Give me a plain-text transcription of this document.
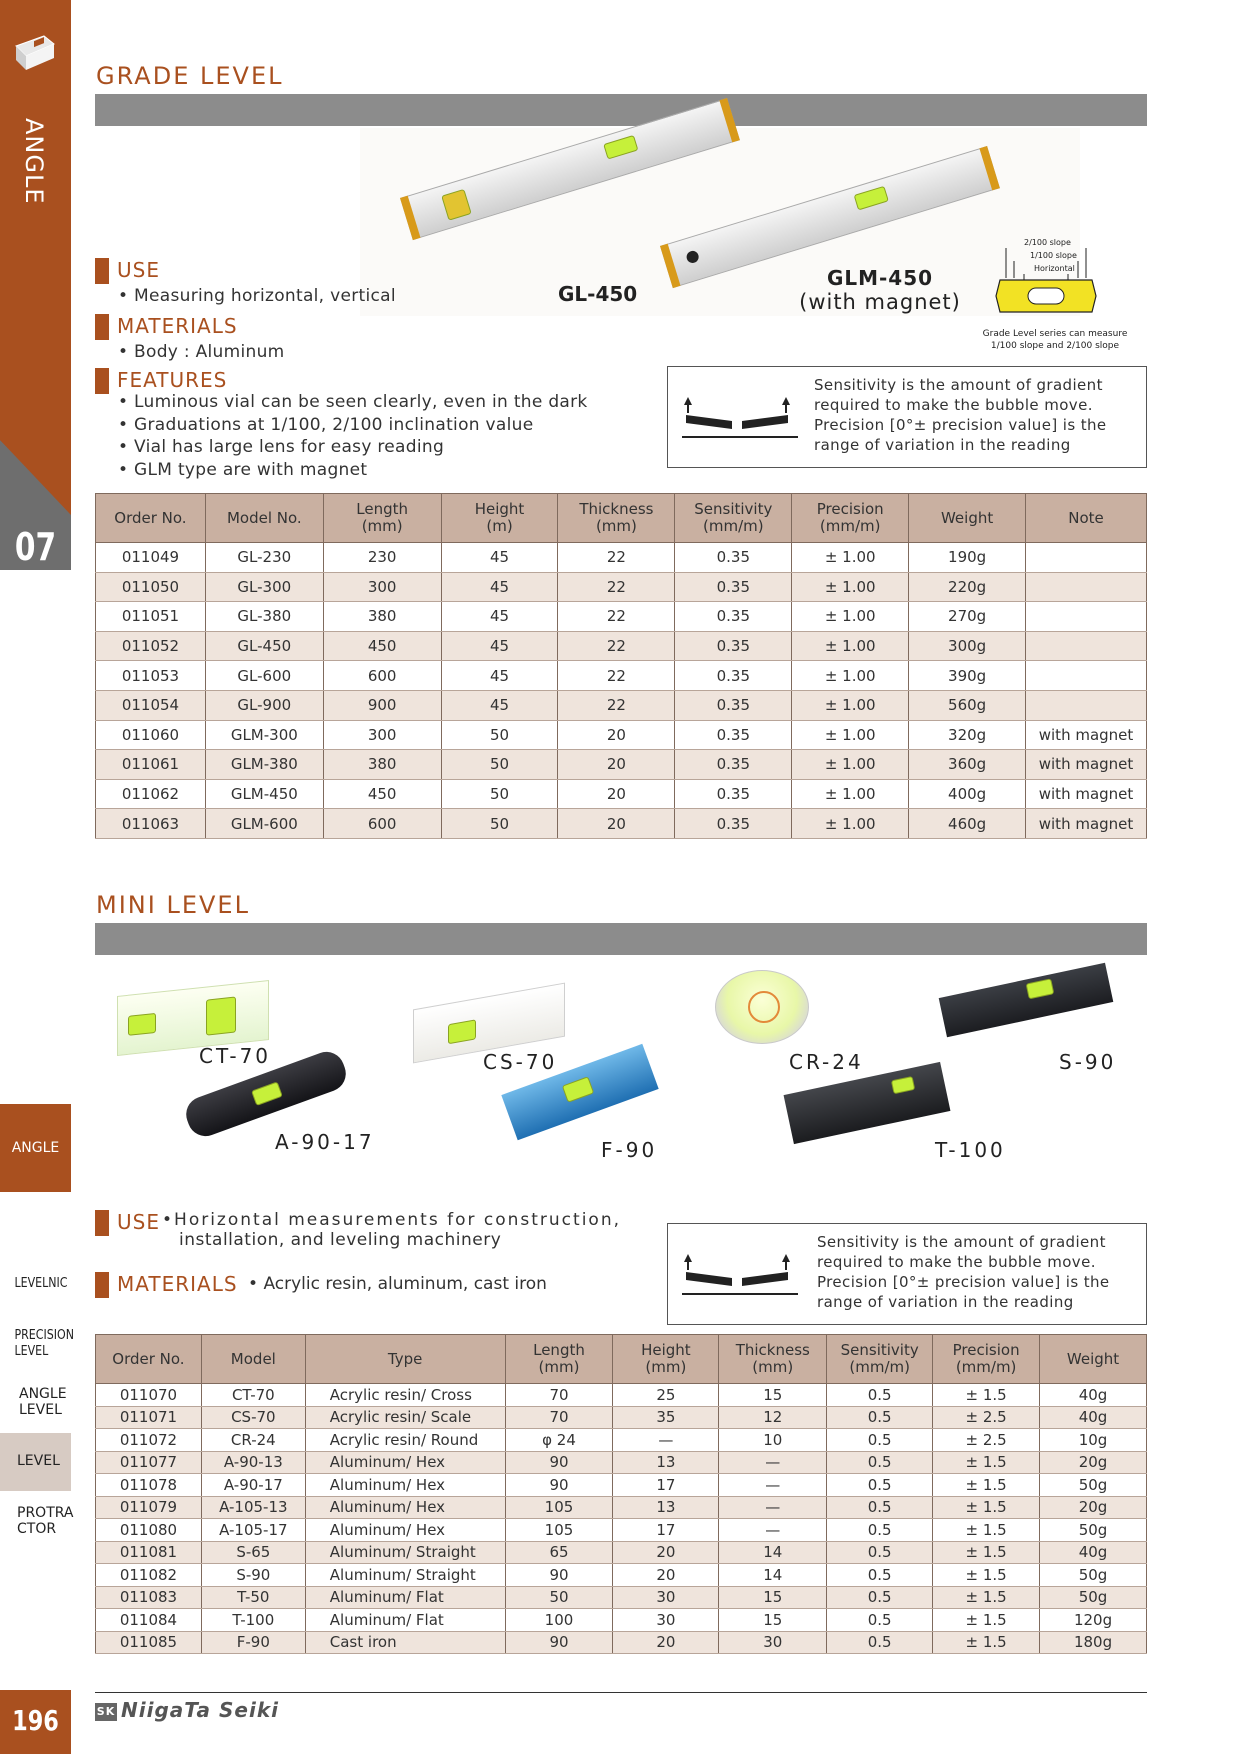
ANGLE
07
ANGLE
LEVELNIC
PRECISION
LEVEL
ANGLE
LEVEL
LEVEL
PROTRA
CTOR
196
GRADE LEVEL
GL-450
GLM-450
(with magnet)
2/100 slope
1/100 slope
Horizontal
Grade Level series can measure
1/100 slope and 2/100 slope
USE
• Measuring horizontal, vertical
MATERIALS
• Body : Aluminum
FEATURES
• Luminous vial can be seen clearly, even in the dark
• Graduations at 1/100, 2/100 inclination value
• Vial has large lens for easy reading
• GLM type are with magnet
Sensitivity is the amount of gradient required to make the bubble move.
Precision [0°± precision value] is the range of variation in the reading
Order No.	Model No.	Length
(mm)	Height
(m)	Thickness
(mm)	Sensitivity
(mm/m)	Precision
(mm/m)	Weight	Note
011049	GL-230	230	45	22	0.35	± 1.00	190g	
011050	GL-300	300	45	22	0.35	± 1.00	220g	
011051	GL-380	380	45	22	0.35	± 1.00	270g	
011052	GL-450	450	45	22	0.35	± 1.00	300g	
011053	GL-600	600	45	22	0.35	± 1.00	390g	
011054	GL-900	900	45	22	0.35	± 1.00	560g	
011060	GLM-300	300	50	20	0.35	± 1.00	320g	with magnet
011061	GLM-380	380	50	20	0.35	± 1.00	360g	with magnet
011062	GLM-450	450	50	20	0.35	± 1.00	400g	with magnet
011063	GLM-600	600	50	20	0.35	± 1.00	460g	with magnet
MINI LEVEL
CT-70	CS-70	CR-24	S-90
A-90-17	F-90	T-100
USE •Horizontal measurements for construction,
installation, and leveling machinery
MATERIALS • Acrylic resin, aluminum, cast iron
Sensitivity is the amount of gradient required to make the bubble move.
Precision [0°± precision value] is the range of variation in the reading
Order No.	Model	Type	Length
(mm)	Height
(mm)	Thickness
(mm)	Sensitivity
(mm/m)	Precision
(mm/m)	Weight
011070	CT-70	Acrylic resin/ Cross	70	25	15	0.5	± 1.5	40g
011071	CS-70	Acrylic resin/ Scale	70	35	12	0.5	± 2.5	40g
011072	CR-24	Acrylic resin/ Round	φ 24	—	10	0.5	± 2.5	10g
011077	A-90-13	Aluminum/ Hex	90	13	—	0.5	± 1.5	20g
011078	A-90-17	Aluminum/ Hex	90	17	—	0.5	± 1.5	50g
011079	A-105-13	Aluminum/ Hex	105	13	—	0.5	± 1.5	20g
011080	A-105-17	Aluminum/ Hex	105	17	—	0.5	± 1.5	50g
011081	S-65	Aluminum/ Straight	65	20	14	0.5	± 1.5	40g
011082	S-90	Aluminum/ Straight	90	20	14	0.5	± 1.5	50g
011083	T-50	Aluminum/ Flat	50	30	15	0.5	± 1.5	50g
011084	T-100	Aluminum/ Flat	100	30	15	0.5	± 1.5	120g
011085	F-90	Cast iron	90	20	30	0.5	± 1.5	180g
SK NiigaTa Seiki
